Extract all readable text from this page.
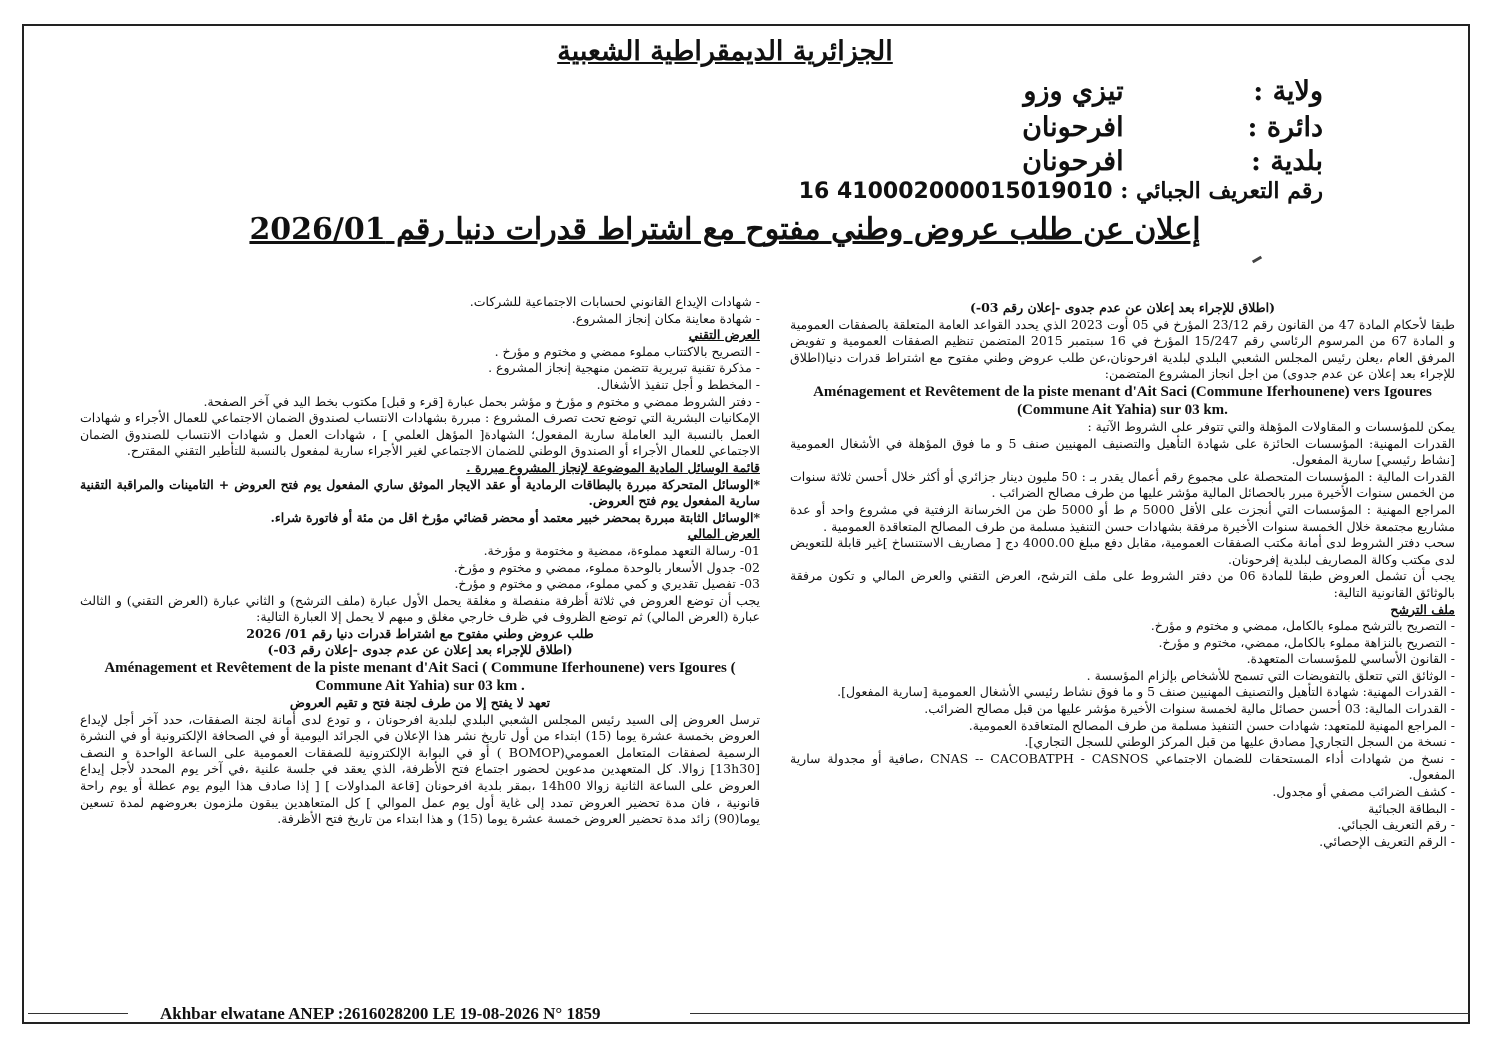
الجزائرية الديمقراطية الشعبية
ولاية : تيزي وزو
دائرة : افرحونان
بلدية : افرحونان
رقم التعريف الجبائي : 410002000015019010 16
إعلان عن طلب عروض وطني مفتوح مع اشتراط قدرات دنيا رقم 2026/01

(اطلاق للإجراء بعد إعلان عن عدم جدوى -إعلان رقم 03-)

طبقا لأحكام المادة 47 من القانون رقم 23/12 المؤرخ في 05 أوت 2023 الذي يحدد القواعد العامة المتعلقة بالصفقات العمومية و المادة 67 من المرسوم الرئاسي رقم 15/247 المؤرخ في 16 سبتمبر 2015 المتضمن تنظيم الصفقات العمومية و تفويض المرفق العام ،يعلن رئيس المجلس الشعبي البلدي لبلدية افرحونان،عن طلب عروض وطني مفتوح مع اشتراط قدرات دنيا(اطلاق للإجراء بعد إعلان عن عدم جدوى) من اجل انجاز المشروع المتضمن:

Aménagement et Revêtement de la piste menant d'Ait Saci (Commune Iferhounene) vers Igoures (Commune Ait Yahia) sur 03 km.

يمكن للمؤسسات و المقاولات المؤهلة والتي تتوفر على الشروط الآتية :

القدرات المهنية: المؤسسات الحائزة على شهادة التأهيل والتصنيف المهنيين صنف 5 و ما فوق المؤهلة في الأشغال العمومية [نشاط رئيسي] سارية المفعول.

القدرات المالية : المؤسسات المتحصلة على مجموع رقم أعمال يقدر بـ : 50 مليون دينار جزائري أو أكثر خلال أحسن ثلاثة سنوات من الخمس سنوات الأخيرة مبرر بالحصائل المالية مؤشر عليها من طرف مصالح الضرائب .

المراجع المهنية : المؤسسات التي أنجزت على الأقل 5000 م ط أو 5000 طن من الخرسانة الزفتية في مشروع واحد أو عدة مشاريع مجتمعة خلال الخمسة سنوات الأخيرة مرفقة بشهادات حسن التنفيذ مسلمة من طرف المصالح المتعاقدة العمومية .

سحب دفتر الشروط لدى أمانة مكتب الصفقات العمومية، مقابل دفع مبلغ 4000.00 دج [ مصاريف الاستنساخ ]غير قابلة للتعويض لدى مكتب وكالة المصاريف لبلدية إفرحونان.

يجب أن تشمل العروض طبقا للمادة 06 من دفتر الشروط على ملف الترشح، العرض التقني والعرض المالي و تكون مرفقة بالوثائق القانونية التالية:

ملف الترشح

- التصريح بالترشح مملوء بالكامل، ممضي و مختوم و مؤرخ.

- التصريح بالنزاهة مملوء بالكامل، ممضي، مختوم و مؤرخ.

- القانون الأساسي للمؤسسات المتعهدة.

- الوثائق التي تتعلق بالتفويضات التي تسمح للأشخاص بإلزام المؤسسة .

- القدرات المهنية: شهادة التأهيل والتصنيف المهنيين صنف 5 و ما فوق نشاط رئيسي الأشغال العمومية [سارية المفعول].

- القدرات المالية: 03 أحسن حصائل مالية لخمسة سنوات الأخيرة مؤشر عليها من قبل مصالح الضرائب.

- المراجع المهنية للمتعهد: شهادات حسن التنفيذ مسلمة من طرف المصالح المتعاقدة العمومية.

- نسخة من السجل التجاري[ مصادق عليها من قبل المركز الوطني للسجل التجاري].

- نسخ من شهادات أداء المستحقات للضمان الاجتماعي CNAS -- CACOBATPH - CASNOS ،صافية أو مجدولة سارية المفعول.

- كشف الضرائب مصفي أو مجدول.

- البطاقة الجبائية

- رقم التعريف الجبائي.

- الرقم التعريف الإحصائي.

- شهادات الإيداع القانوني لحسابات الاجتماعية للشركات.

- شهادة معاينة مكان إنجاز المشروع.

العرض التقني

- التصريح بالاكتتاب مملوء ممضي و مختوم و مؤرخ .

- مذكرة تقنية تبريرية تتضمن منهجية إنجاز المشروع .

- المخطط و أجل تنفيذ الأشغال.

- دفتر الشروط ممضي و مختوم و مؤرخ و مؤشر بحمل عبارة [قرء و قبل] مكتوب بخط اليد في آخر الصفحة.

الإمكانيات البشرية التي توضع تحت تصرف المشروع : مبررة بشهادات الانتساب لصندوق الضمان الاجتماعي للعمال الأجراء و شهادات العمل بالنسبة اليد العاملة سارية المفعول؛ الشهادة[ المؤهل العلمي ] ، شهادات العمل و شهادات الانتساب للصندوق الضمان الاجتماعي للعمال الأجراء أو الصندوق الوطني للضمان الاجتماعي لغير الأجراء سارية لمفعول بالنسبة للتأطير التقني المقترح.

قائمة الوسائل المادية الموضوعة لإنجاز المشروع مبررة .

*الوسائل المتحركة مبررة بالبطاقات الرمادية أو عقد الايجار الموثق ساري المفعول يوم فتح العروض + التامينات والمراقبة التقنية سارية المفعول يوم فتح العروض.

*الوسائل الثابتة مبررة بمحضر خبير معتمد أو محضر قضائي مؤرخ اقل من مئة أو فاتورة شراء.

العرض المالي

01- رسالة التعهد مملوءة، ممضية و مختومة و مؤرخة.

02- جدول الأسعار بالوحدة مملوء، ممضي و مختوم و مؤرخ.

03- تفصيل تقديري و كمي مملوء، ممضي و مختوم و مؤرخ.

يجب أن توضع العروض في ثلاثة أظرفة منفصلة و مغلقة يحمل الأول عبارة (ملف الترشح) و الثاني عبارة (العرض التقني) و الثالث عبارة (العرض المالي) ثم توضع الظروف في ظرف خارجي مغلق و مبهم لا يحمل إلا العبارة التالية:

طلب عروض وطني مفتوح مع اشتراط قدرات دنيا رقم 01/ 2026

(اطلاق للإجراء بعد إعلان عن عدم جدوى -إعلان رقم 03-)

Aménagement et Revêtement de la piste menant d'Ait Saci ( Commune Iferhounene) vers Igoures ( Commune Ait Yahia) sur 03 km .

تعهد لا يفتح إلا من طرف لجنة فتح و تقيم العروض

ترسل العروض إلى السيد رئيس المجلس الشعبي البلدي لبلدية افرحونان ، و تودع لدى أمانة لجنة الصفقات، حدد آخر أجل لإيداع العروض بخمسة عشرة يوما (15) ابتداء من أول تاريخ نشر هذا الإعلان في الجرائد اليومية أو في الصحافة الإلكترونية أو في النشرة الرسمية لصفقات المتعامل العمومي(BOMOP ) أو في البوابة الإلكترونية للصفقات العمومية على الساعة الواحدة و النصف [13h30] زوالا. كل المتعهدين مدعوين لحضور اجتماع فتح الأظرفة، الذي يعقد في جلسة علنية ،في آخر يوم المحدد لأجل إيداع العروض على الساعة الثانية زوالا 14h00 ،بمقر بلدية افرحونان [قاعة المداولات ] [ إذا صادف هذا اليوم يوم عطلة أو يوم راحة قانونية ، فان مدة تحضير العروض تمدد إلى غاية أول يوم عمل الموالي ] كل المتعاهدين يبقون ملزمون بعروضهم لمدة تسعين يوما(90) زائد مدة تحضير العروض خمسة عشرة يوما (15) و هذا ابتداء من تاريخ فتح الأظرفة.

Akhbar elwatane ANEP :2616028200 LE 19-08-2026 N° 1859
